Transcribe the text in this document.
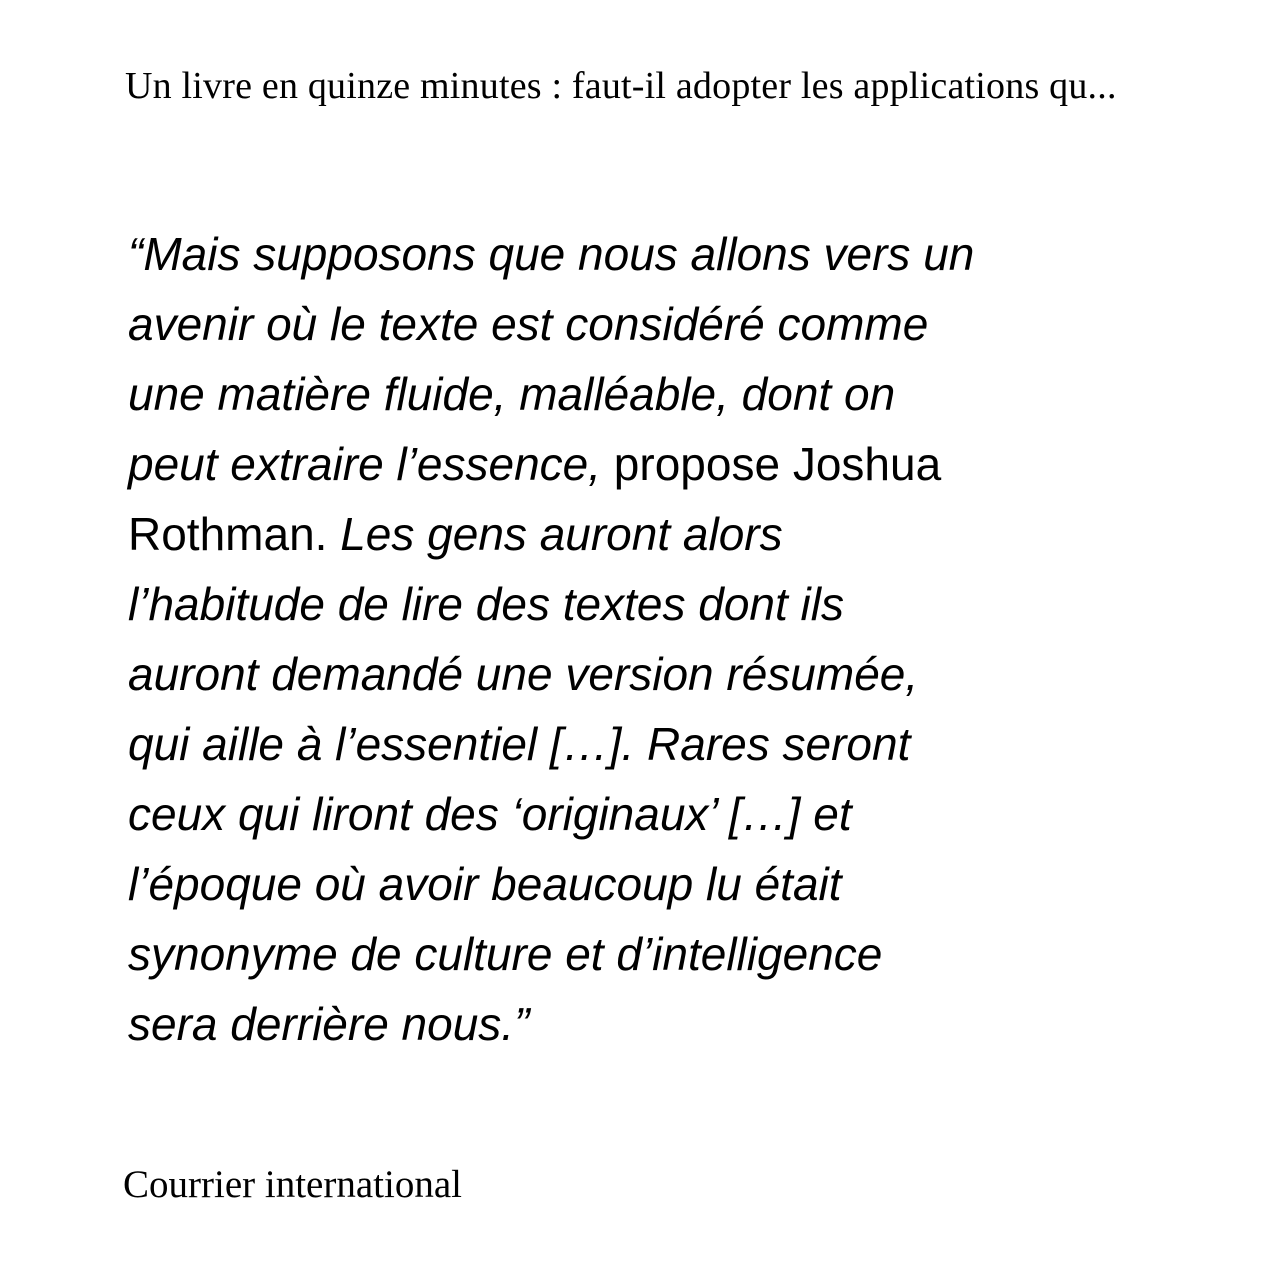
Un livre en quinze minutes : faut-il adopter les applications qu...
“Mais supposons que nous allons vers un
avenir où le texte est considéré comme
une matière fluide, malléable, dont on
peut extraire l’essence, propose Joshua
Rothman. Les gens auront alors
l’habitude de lire des textes dont ils
auront demandé une version résumée,
qui aille à l’essentiel […]. Rares seront
ceux qui liront des ‘originaux’ […] et
l’époque où avoir beaucoup lu était
synonyme de culture et d’intelligence
sera derrière nous.”
Courrier international
